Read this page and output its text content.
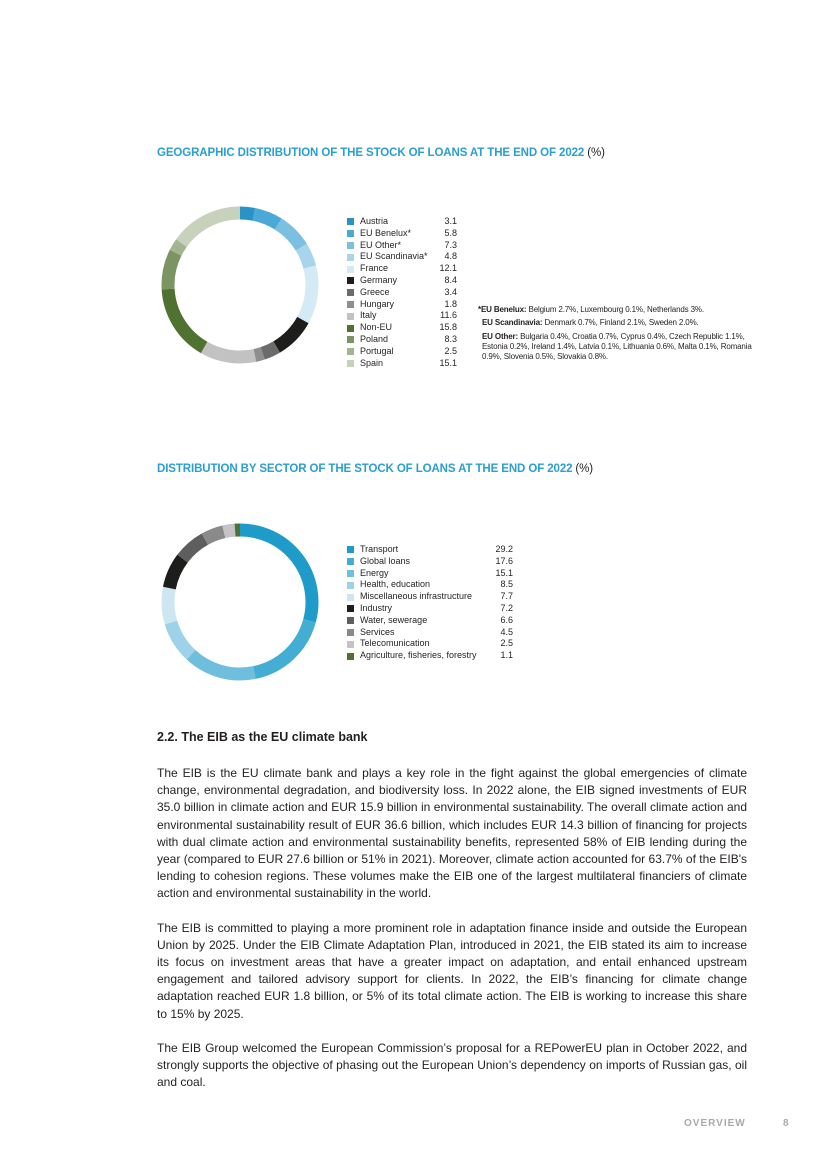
GEOGRAPHIC DISTRIBUTION OF THE STOCK OF LOANS AT THE END OF 2022 (%)
Austria	3.1
EU Benelux*	5.8
EU Other*	7.3
EU Scandinavia*	4.8
France	12.1
Germany	8.4
Greece	3.4
Hungary	1.8
Italy	11.6
Non-EU	15.8
Poland	8.3
Portugal	2.5
Spain	15.1
*EU Benelux: Belgium 2.7%, Luxembourg 0.1%, Netherlands 3%.
EU Scandinavia: Denmark 0.7%, Finland 2.1%, Sweden 2.0%.
EU Other: Bulgaria 0.4%, Croatia 0.7%, Cyprus 0.4%, Czech Republic 1.1%, Estonia 0.2%, Ireland 1.4%, Latvia 0.1%, Lithuania 0.6%, Malta 0.1%, Romania 0.9%, Slovenia 0.5%, Slovakia 0.8%.
DISTRIBUTION BY SECTOR OF THE STOCK OF LOANS AT THE END OF 2022 (%)
Transport	29.2
Global loans	17.6
Energy	15.1
Health, education	8.5
Miscellaneous infrastructure	7.7
Industry	7.2
Water, sewerage	6.6
Services	4.5
Telecomunication	2.5
Agriculture, fisheries, forestry	1.1
2.2. The EIB as the EU climate bank

The EIB is the EU climate bank and plays a key role in the fight against the global emergencies of climate change, environmental degradation, and biodiversity loss. In 2022 alone, the EIB signed investments of EUR 35.0 billion in climate action and EUR 15.9 billion in environmental sustainability. The overall climate action and environmental sustainability result of EUR 36.6 billion, which includes EUR 14.3 billion of financing for projects with dual climate action and environmental sustainability benefits, represented 58% of EIB lending during the year (compared to EUR 27.6 billion or 51% in 2021). Moreover, climate action accounted for 63.7% of the EIB's lending to cohesion regions. These volumes make the EIB one of the largest multilateral financiers of climate action and environmental sustainability in the world.

The EIB is committed to playing a more prominent role in adaptation finance inside and outside the European Union by 2025. Under the EIB Climate Adaptation Plan, introduced in 2021, the EIB stated its aim to increase its focus on investment areas that have a greater impact on adaptation, and entail enhanced upstream engagement and tailored advisory support for clients. In 2022, the EIB’s financing for climate change adaptation reached EUR 1.8 billion, or 5% of its total climate action. The EIB is working to increase this share to 15% by 2025.

The EIB Group welcomed the European Commission’s proposal for a REPowerEU plan in October 2022, and strongly supports the objective of phasing out the European Union’s dependency on imports of Russian gas, oil and coal.

OVERVIEW	8
